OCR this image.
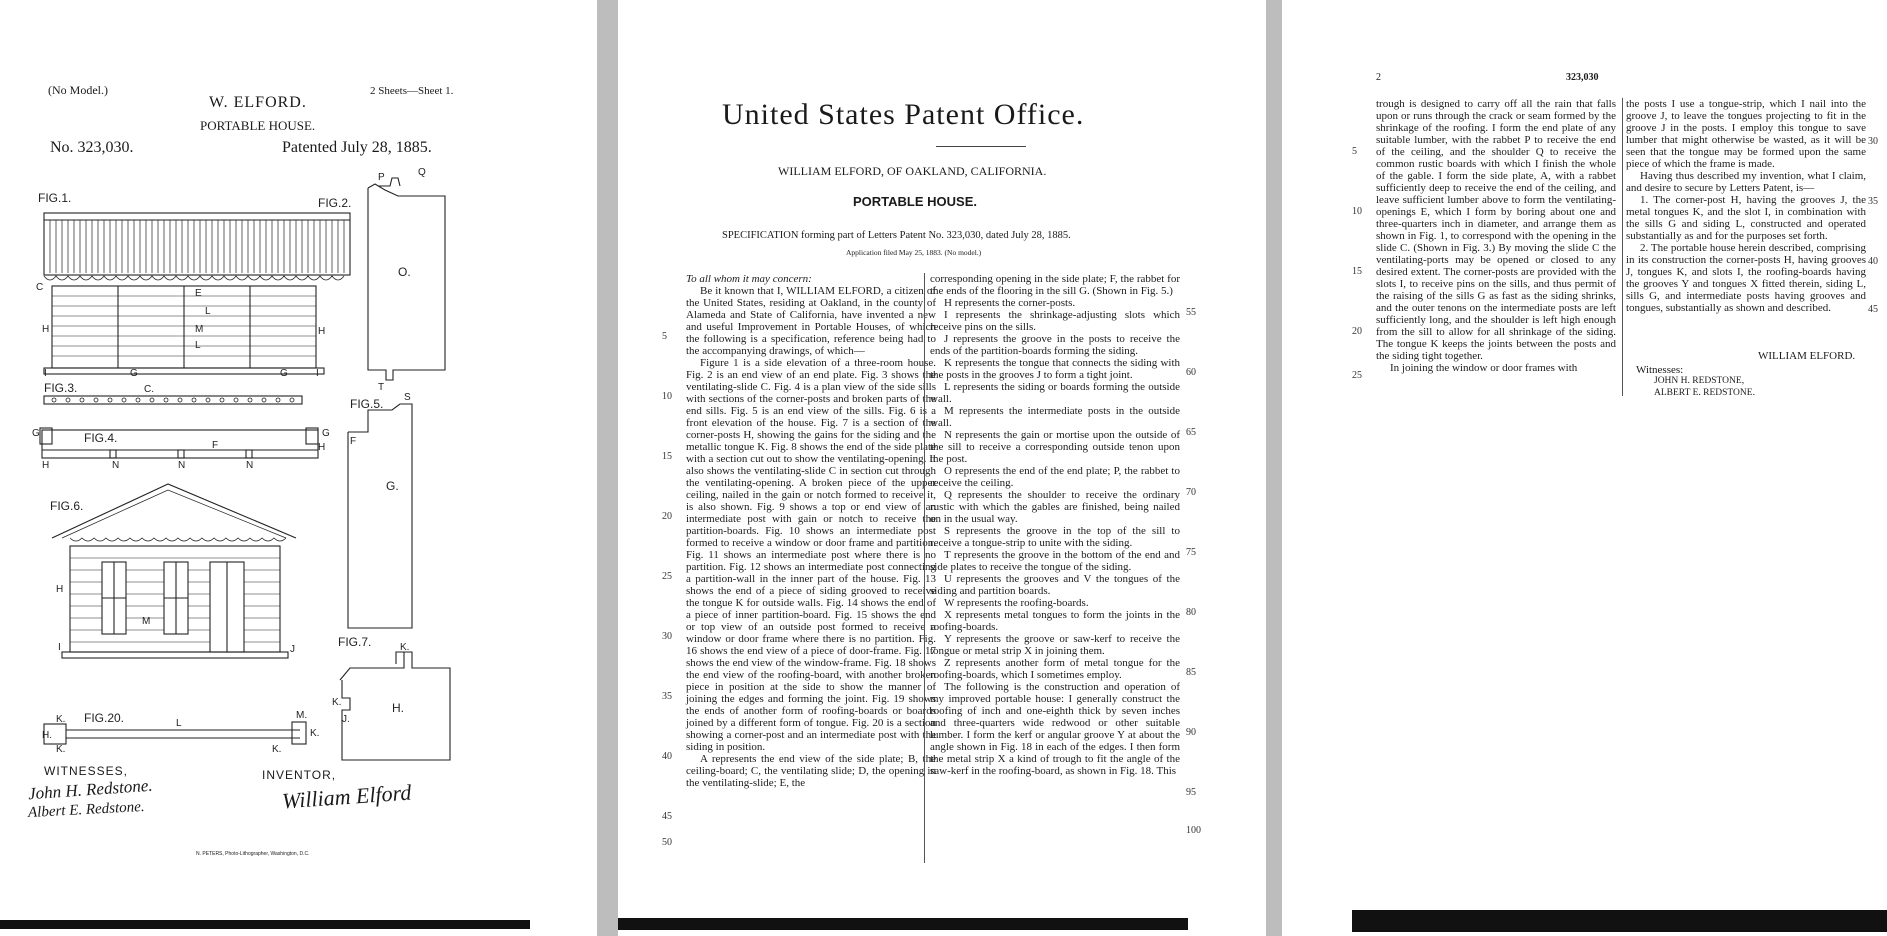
(No Model.)
W. ELFORD.
2 Sheets—Sheet 1.
PORTABLE HOUSE.
No. 323,030.	Patented July 28, 1885.
FIG.1.
C
H	H
E
L
M
L
G	G	I
I
FIG.2.
P	Q
O.
T
FIG.3.	C.
FIG.4.
F
G	G
H	N	N	N
H
FIG.5. S
F
G.
FIG.6.
H
M
I	J
FIG.7.	K.
K.
J.
H.
FIG.20.
K.
H.
K.
L
M.
K.
K.
WITNESSES,	INVENTOR,
John H. Redstone.
Albert E. Redstone.	William Elford
N. PETERS, Photo-Lithographer, Washington, D.C.
United States Patent Office.
WILLIAM ELFORD, OF OAKLAND, CALIFORNIA.
PORTABLE HOUSE.
SPECIFICATION forming part of Letters Patent No. 323,030, dated July 28, 1885.
Application filed May 25, 1883. (No model.)

To all whom it may concern:

Be it known that I, WILLIAM ELFORD, a citizen of the United States, residing at Oakland, in the county of Alameda and State of California, have invented a new and useful Improvement in Portable Houses, of which the following is a specification, reference being had to the accompanying drawings, of which—

Figure 1 is a side elevation of a three-room house. Fig. 2 is an end view of an end plate. Fig. 3 shows the ventilating-slide C. Fig. 4 is a plan view of the side sills with sections of the corner-posts and broken parts of the end sills. Fig. 5 is an end view of the sills. Fig. 6 is a front elevation of the house. Fig. 7 is a section of the corner-posts H, showing the gains for the siding and the metallic tongue K. Fig. 8 shows the end of the side plate with a section cut out to show the ventilating-opening. It also shows the ventilating-slide C in section cut through the ventilating-opening. A broken piece of the upper ceiling, nailed in the gain or notch formed to receive it, is also shown. Fig. 9 shows a top or end view of an intermediate post with gain or notch to receive the partition-boards. Fig. 10 shows an intermediate post formed to receive a window or door frame and partition. Fig. 11 shows an intermediate post where there is no partition. Fig. 12 shows an intermediate post connecting a partition-wall in the inner part of the house. Fig. 13 shows the end of a piece of siding grooved to receive the tongue K for outside walls. Fig. 14 shows the end of a piece of inner partition-board. Fig. 15 shows the end or top view of an outside post formed to receive a window or door frame where there is no partition. Fig. 16 shows the end view of a piece of door-frame. Fig. 17 shows the end view of the window-frame. Fig. 18 shows the end view of the roofing-board, with another broken piece in position at the side to show the manner of joining the edges and forming the joint. Fig. 19 shows the ends of another form of roofing-boards or boards joined by a different form of tongue. Fig. 20 is a section showing a corner-post and an intermediate post with the siding in position.

A represents the end view of the side plate; B, the ceiling-board; C, the ventilating slide; D, the opening in the ventilating-slide; E, the

5
10
15
20
25
30
35
40
45
50

corresponding opening in the side plate; F, the rabbet for the ends of the flooring in the sill G. (Shown in Fig. 5.)

H represents the corner-posts.

I represents the shrinkage-adjusting slots which receive pins on the sills.

J represents the groove in the posts to receive the ends of the partition-boards forming the siding.

K represents the tongue that connects the siding with the posts in the grooves J to form a tight joint.

L represents the siding or boards forming the outside wall.

M represents the intermediate posts in the outside wall.

N represents the gain or mortise upon the outside of the sill to receive a corresponding outside tenon upon the post.

O represents the end of the end plate; P, the rabbet to receive the ceiling.

Q represents the shoulder to receive the ordinary rustic with which the gables are finished, being nailed on in the usual way.

S represents the groove in the top of the sill to receive a tongue-strip to unite with the siding.

T represents the groove in the bottom of the end and side plates to receive the tongue of the siding.

U represents the grooves and V the tongues of the siding and partition boards.

W represents the roofing-boards.

X represents metal tongues to form the joints in the roofing-boards.

Y represents the groove or saw-kerf to receive the tongue or metal strip X in joining them.

Z represents another form of metal tongue for the roofing-boards, which I sometimes employ.

The following is the construction and operation of my improved portable house: I generally construct the roofing of inch and one-eighth thick by seven inches and three-quarters wide redwood or other suitable lumber. I form the kerf or angular groove Y at about the angle shown in Fig. 18 in each of the edges. I then form the metal strip X a kind of trough to fit the angle of the saw-kerf in the roofing-board, as shown in Fig. 18. This

55
60
65
70
75
80
85
90
95
100
2	323,030

trough is designed to carry off all the rain that falls upon or runs through the crack or seam formed by the shrinkage of the roofing. I form the end plate of any suitable lumber, with the rabbet P to receive the end of the ceiling, and the shoulder Q to receive the common rustic boards with which I finish the whole of the gable. I form the side plate, A, with a rabbet sufficiently deep to receive the end of the ceiling, and leave sufficient lumber above to form the ventilating-openings E, which I form by boring about one and three-quarters inch in diameter, and arrange them as shown in Fig. 1, to correspond with the opening in the slide C. (Shown in Fig. 3.) By moving the slide C the ventilating-ports may be opened or closed to any desired extent. The corner-posts are provided with the slots I, to receive pins on the sills, and thus permit of the raising of the sills G as fast as the siding shrinks, and the outer tenons on the intermediate posts are left sufficiently long, and the shoulder is left high enough from the sill to allow for all shrinkage of the siding. The tongue K keeps the joints between the posts and the siding tight together.

In joining the window or door frames with

5
10
15
20
25

the posts I use a tongue-strip, which I nail into the groove J, to leave the tongues projecting to fit in the groove J in the posts. I employ this tongue to save lumber that might otherwise be wasted, as it will be seen that the tongue may be formed upon the same piece of which the frame is made.

Having thus described my invention, what I claim, and desire to secure by Letters Patent, is—

1. The corner-post H, having the grooves J, the metal tongues K, and the slot I, in combination with the sills G and siding L, constructed and operated substantially as and for the purposes set forth.

2. The portable house herein described, comprising in its construction the corner-posts H, having grooves J, tongues K, and slots I, the roofing-boards having the grooves Y and tongues X fitted therein, siding L, sills G, and intermediate posts having grooves and tongues, substantially as shown and described.

30
35
40
45
WILLIAM ELFORD.
Witnesses:
JOHN H. REDSTONE,
ALBERT E. REDSTONE.
